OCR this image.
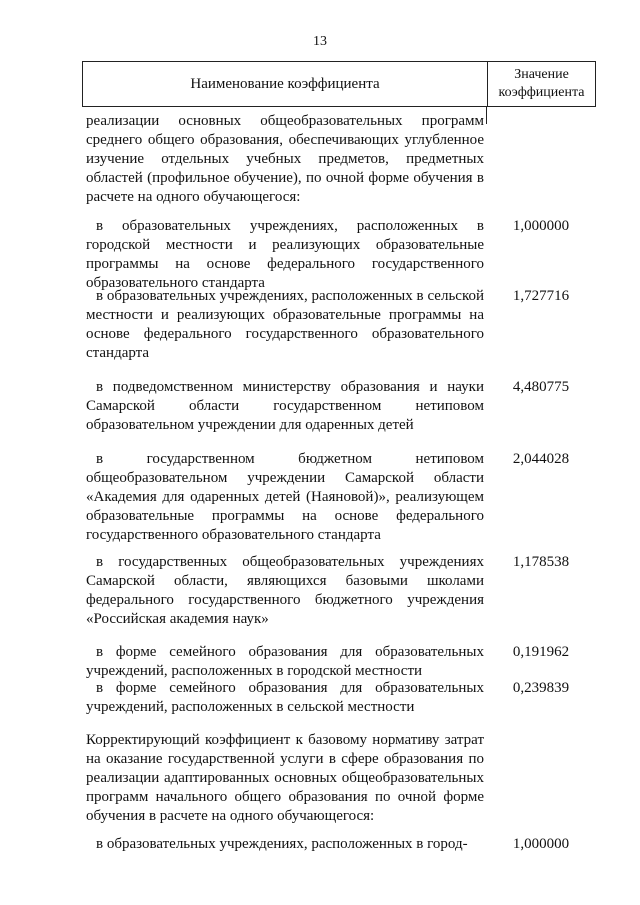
13
Наименование коэффициента
Значение
коэффициента
реализации основных общеобразовательных программ среднего общего образования, обеспечивающих углубленное изучение отдельных учебных предметов, предметных областей (профильное обучение), по очной форме обучения в расчете на одного обучающегося:
в образовательных учреждениях, расположенных в городской местности и реализующих образовательные программы на основе федерального государственного образовательного стандарта
1,000000
в образовательных учреждениях, расположенных в сельской местности и реализующих образовательные программы на основе федерального государственного образовательного стандарта
1,727716
в подведомственном министерству образования и науки Самарской области государственном нетиповом образовательном учреждении для одаренных детей
4,480775
в государственном бюджетном нетиповом общеобразовательном учреждении Самарской области «Академия для одаренных детей (Наяновой)», реализующем образовательные программы на основе федерального государственного образовательного стандарта
2,044028
в государственных общеобразовательных учреждениях Самарской области, являющихся базовыми школами федерального государственного бюджетного учреждения «Российская академия наук»
1,178538
в форме семейного образования для образовательных учреждений, расположенных в городской местности
0,191962
в форме семейного образования для образовательных учреждений, расположенных в сельской местности
0,239839
Корректирующий коэффициент к базовому нормативу затрат на оказание государственной услуги в сфере образования по реализации адаптированных основных общеобразовательных программ начального общего образования по очной форме обучения в расчете на одного обучающегося:
в образовательных учреждениях, расположенных в город-	1,000000
